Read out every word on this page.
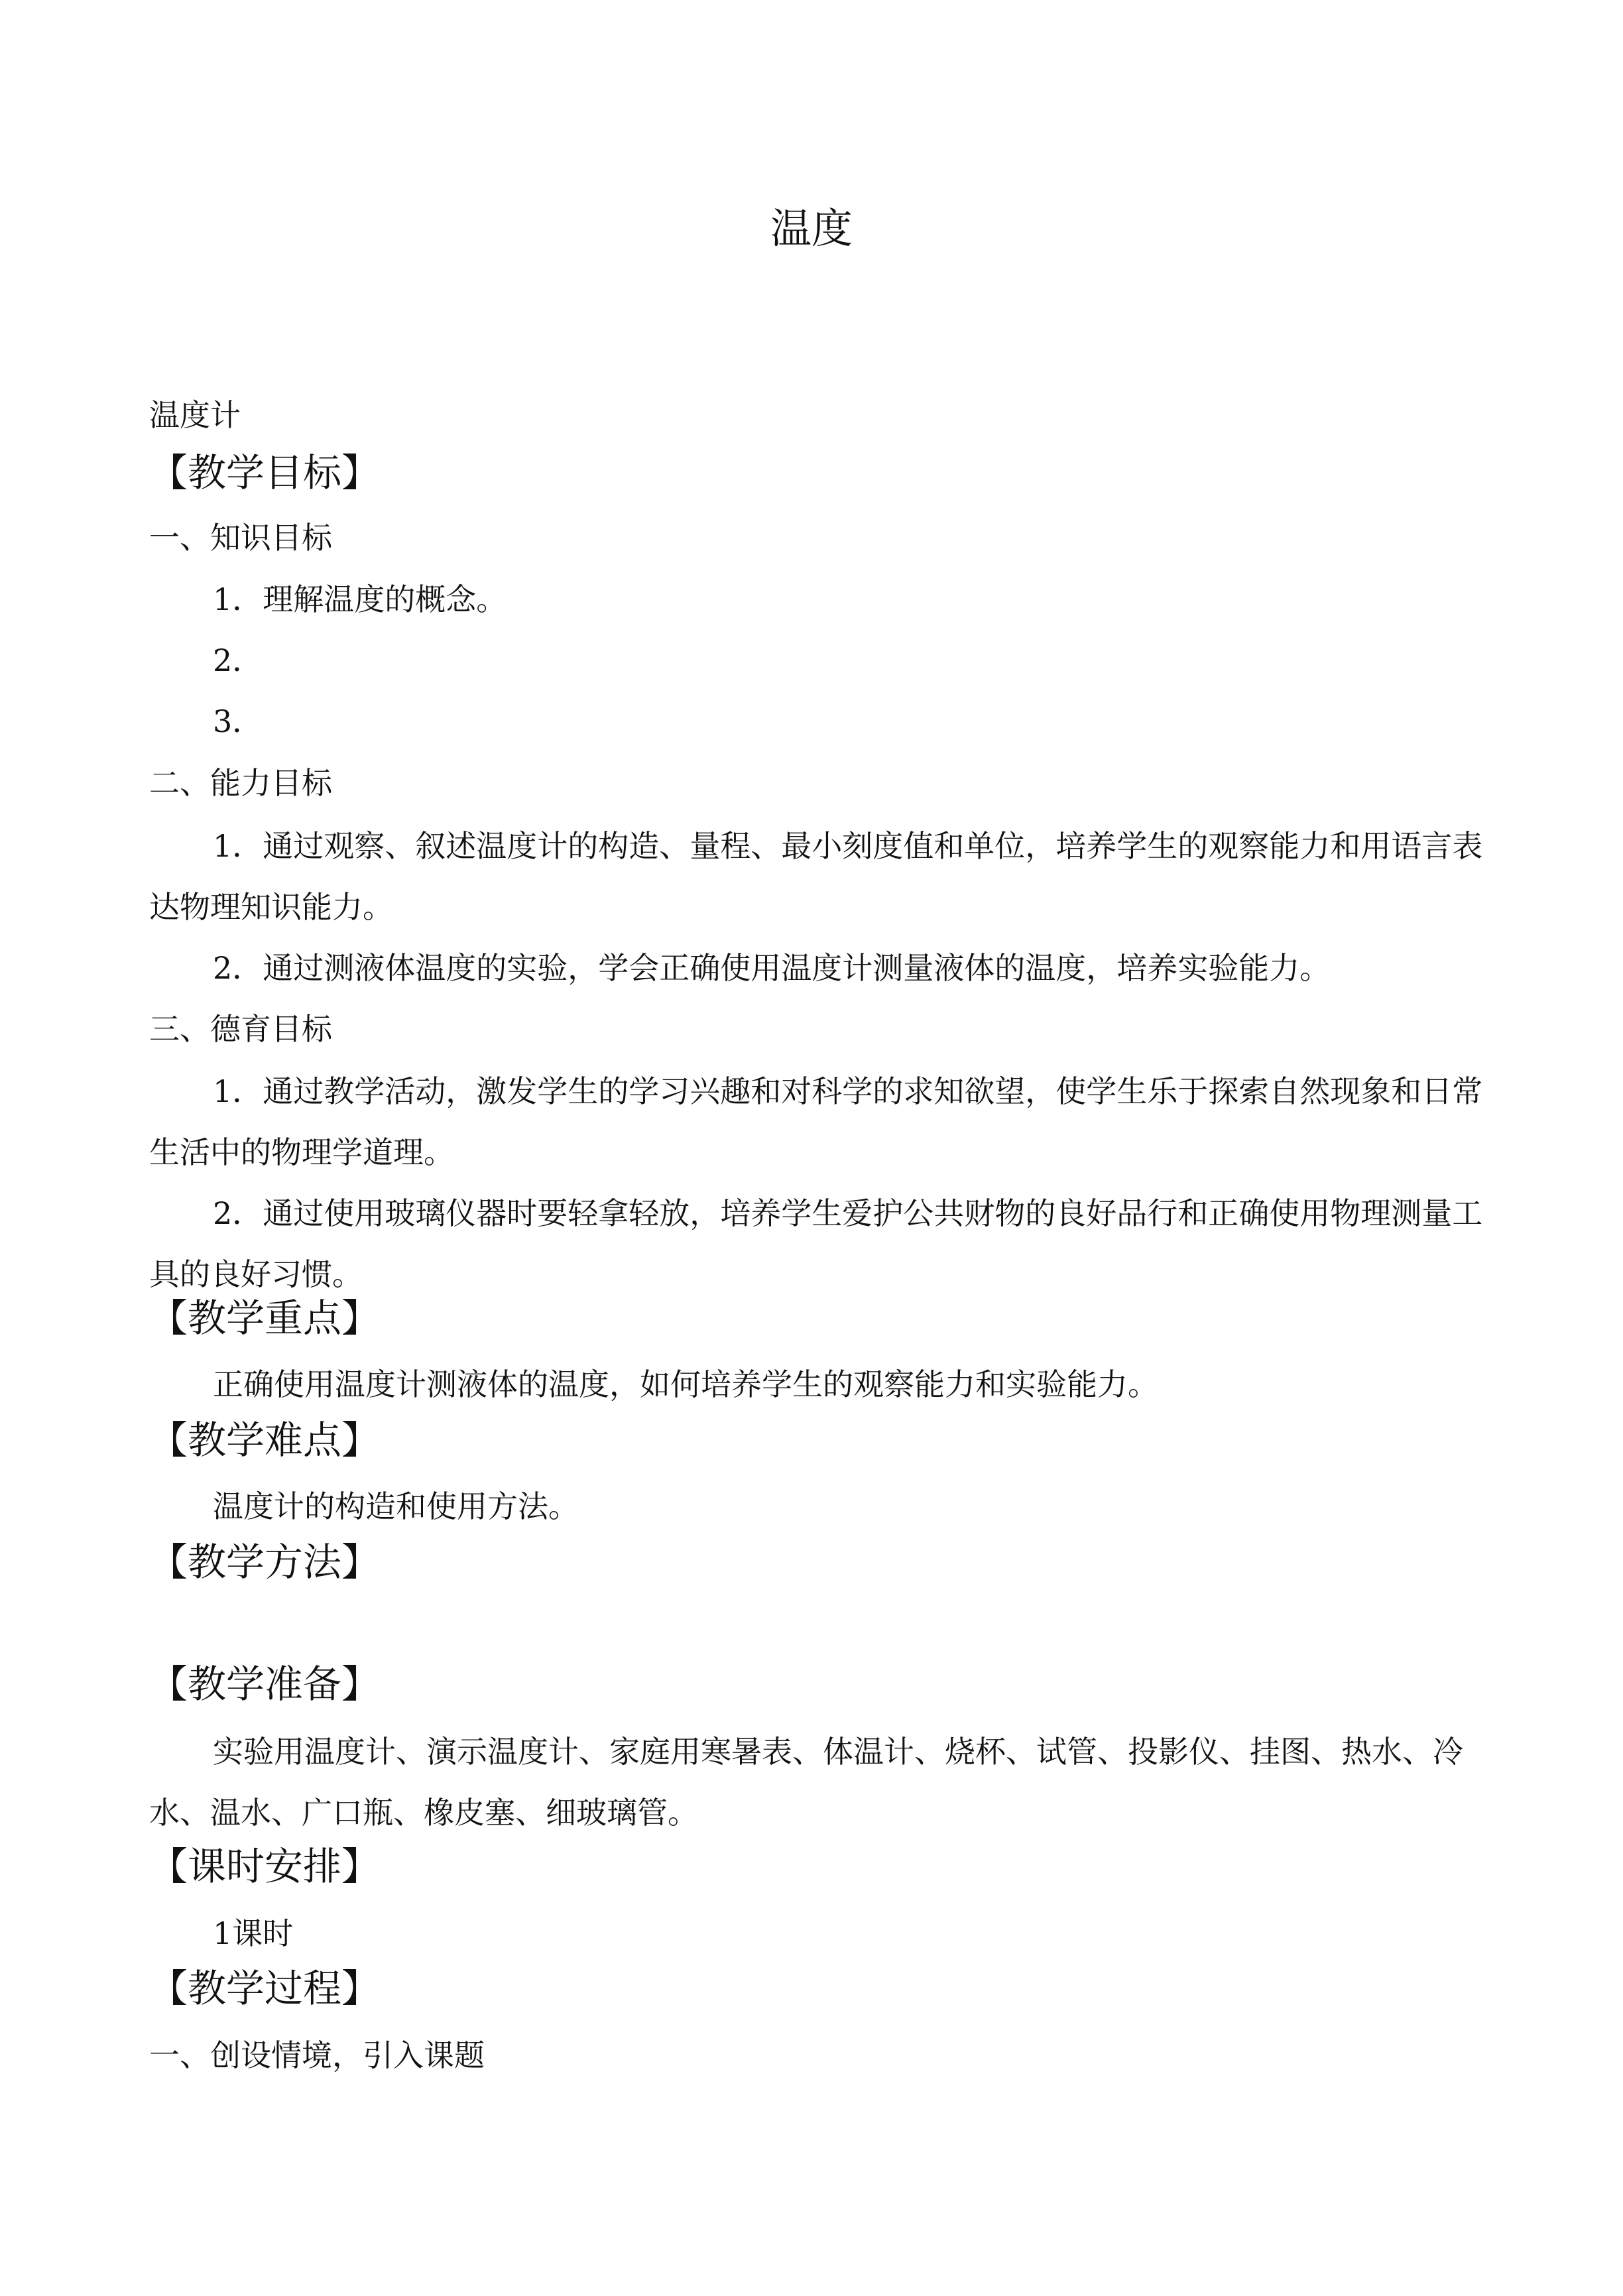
温度
温度计
【教学目标】
一、知识目标
1．理解温度的概念。
2．
3．
二、能力目标
1．通过观察、叙述温度计的构造、量程、最小刻度值和单位，培养学生的观察能力和用语言表达物理知识能力。
2．通过测液体温度的实验，学会正确使用温度计测量液体的温度，培养实验能力。
三、德育目标
1．通过教学活动，激发学生的学习兴趣和对科学的求知欲望，使学生乐于探索自然现象和日常生活中的物理学道理。
2．通过使用玻璃仪器时要轻拿轻放，培养学生爱护公共财物的良好品行和正确使用物理测量工具的良好习惯。
【教学重点】
正确使用温度计测液体的温度，如何培养学生的观察能力和实验能力。
【教学难点】
温度计的构造和使用方法。
【教学方法】
【教学准备】
实验用温度计、演示温度计、家庭用寒暑表、体温计、烧杯、试管、投影仪、挂图、热水、冷水、温水、广口瓶、橡皮塞、细玻璃管。
【课时安排】
1课时
【教学过程】
一、创设情境，引入课题
